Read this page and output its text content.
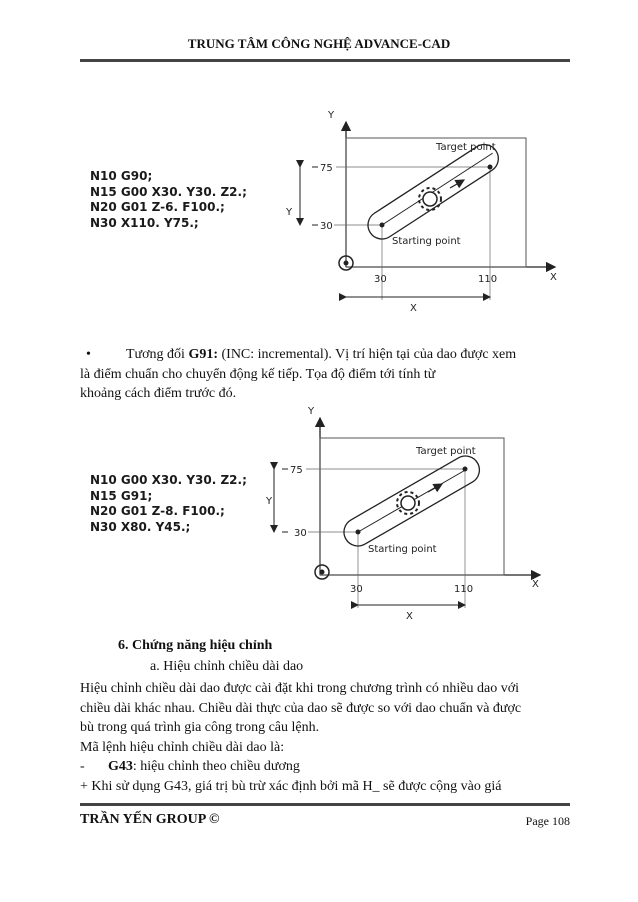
TRUNG TÂM CÔNG NGHỆ ADVANCE-CAD
N10 G90;
N15 G00 X30. Y30. Z2.;
N20 G01 Z-6. F100.;
N30 X110. Y75.;
Y
X
75
30
Y
30	110
X
Target point
Starting point
•	Tương đối G91: (INC: incremental). Vị trí hiện tại của dao được xem
là điểm chuẩn cho chuyển động kế tiếp. Tọa độ điểm tới tính từ
khoảng cách điểm trước đó.
N10 G00 X30. Y30. Z2.;
N15 G91;
N20 G01 Z-8. F100.;
N30 X80. Y45.;
Y
X
75
30
Y
30	110
X
Target point
Starting point
6. Chứng năng hiệu chỉnh
a. Hiệu chỉnh chiều dài dao
Hiệu chỉnh chiều dài dao được cài đặt khi trong chương trình có nhiều dao với
chiều dài khác nhau. Chiều dài thực của dao sẽ được so với dao chuẩn và được
bù trong quá trình gia công trong câu lệnh.
Mã lệnh hiệu chỉnh chiều dài dao là:
- G43: hiệu chỉnh theo chiều dương
+ Khi sử dụng G43, giá trị bù trừ xác định bởi mã H_ sẽ được cộng vào giá
TRẦN YẾN GROUP ©	Page 108
